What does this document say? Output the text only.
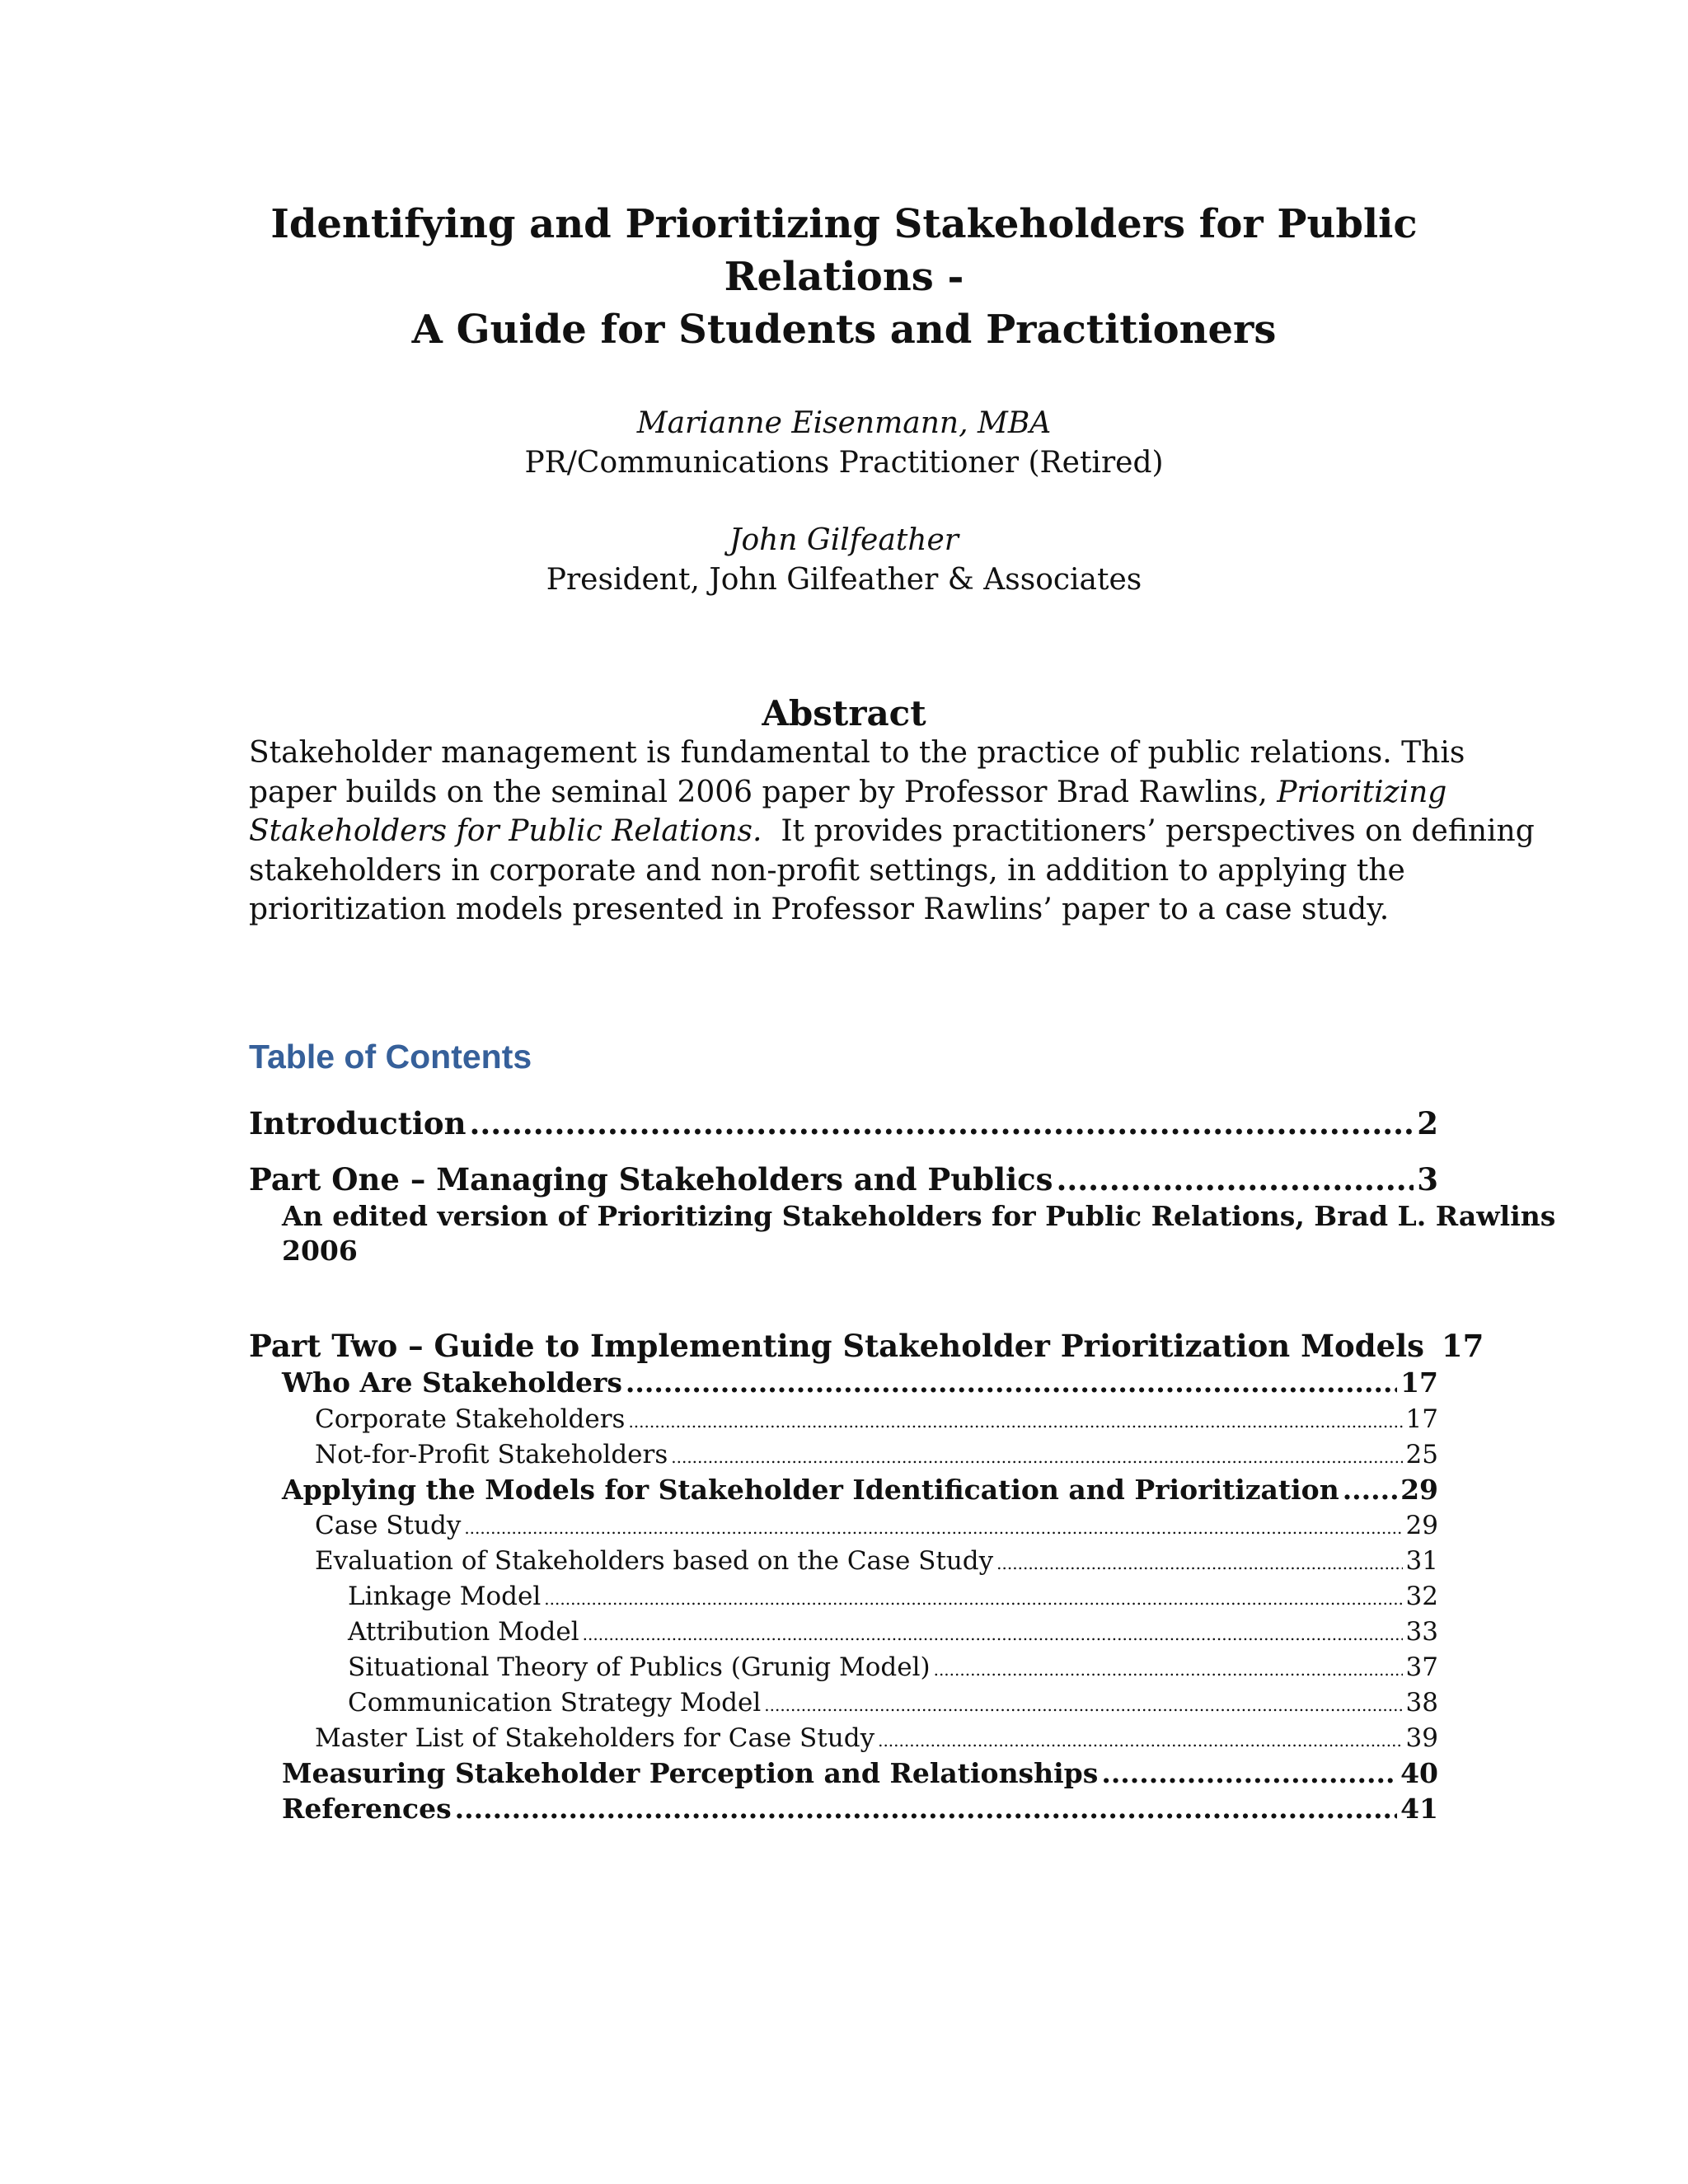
Identifying and Prioritizing Stakeholders for Public
Relations -
A Guide for Students and Practitioners
Marianne Eisenmann, MBA
PR/Communications Practitioner (Retired)
John Gilfeather
President, John Gilfeather & Associates
Abstract
Stakeholder management is fundamental to the practice of public relations. This
paper builds on the seminal 2006 paper by Professor Brad Rawlins, Prioritizing
Stakeholders for Public Relations.  It provides practitioners’ perspectives on defining
stakeholders in corporate and non-profit settings, in addition to applying the
prioritization models presented in Professor Rawlins’ paper to a case study.
Table of Contents
Introduction .....	2
Part One – Managing Stakeholders and Publics .....	3
An edited version of Prioritizing Stakeholders for Public Relations, Brad L. Rawlins
2006
Part Two – Guide to Implementing Stakeholder Prioritization Models 17
Who Are Stakeholders .....	17
Corporate Stakeholders .....	17
Not-for-Profit Stakeholders .....	25
Applying the Models for Stakeholder Identification and Prioritization ..... 29
Case Study .....	29
Evaluation of Stakeholders based on the Case Study .....	31
Linkage Model .....	32
Attribution Model .....	33
Situational Theory of Publics (Grunig Model) .....	37
Communication Strategy Model .....	38
Master List of Stakeholders for Case Study .....	39
Measuring Stakeholder Perception and Relationships .....	40
References .....	41
